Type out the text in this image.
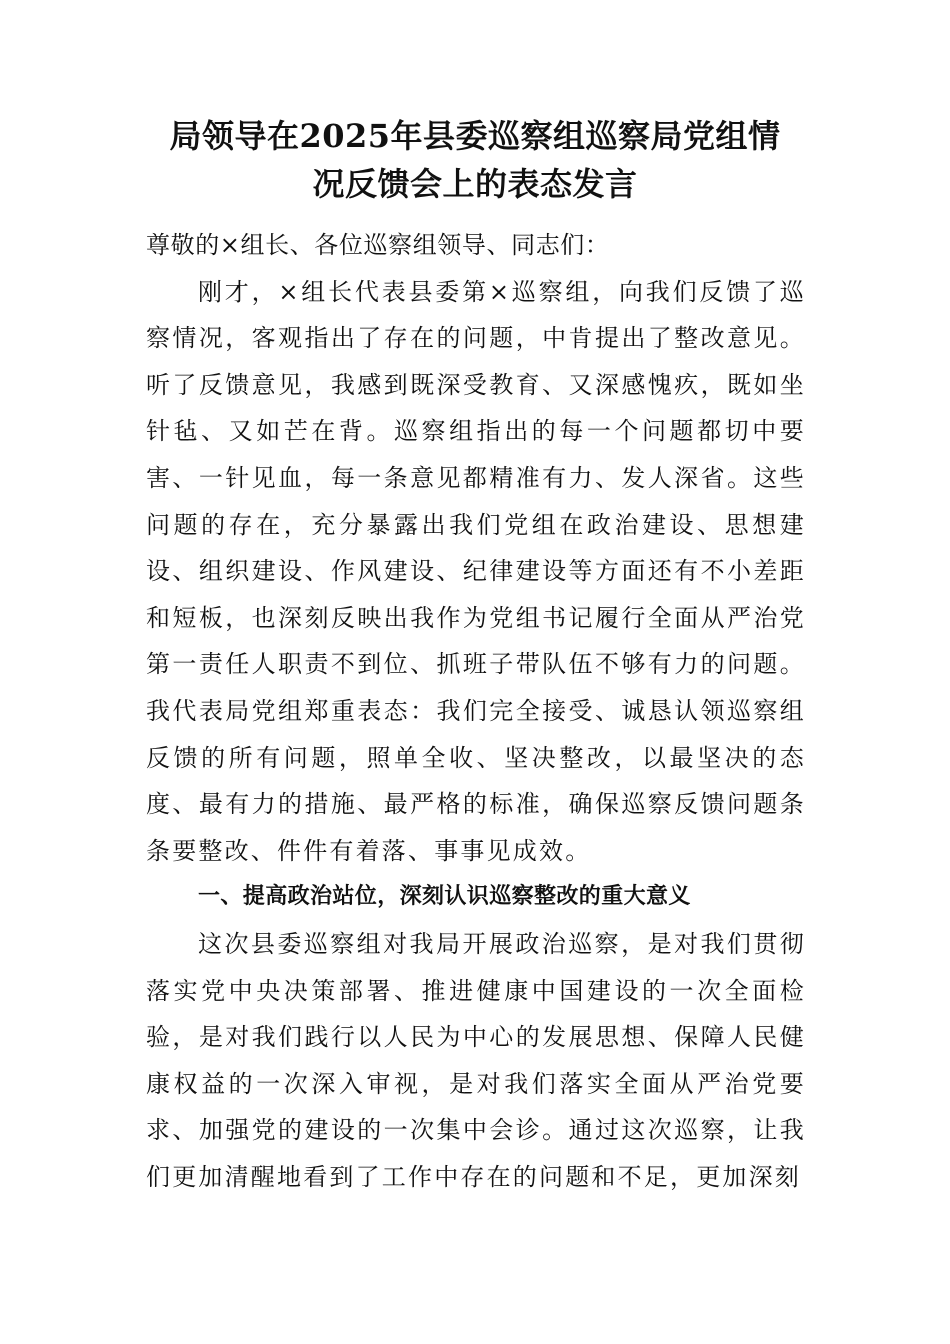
局领导在2025年县委巡察组巡察局党组情
况反馈会上的表态发言

尊敬的×组长、各位巡察组领导、同志们：

刚才，×组长代表县委第×巡察组，向我们反馈了巡察情况，客观指出了存在的问题，中肯提出了整改意见。听了反馈意见，我感到既深受教育、又深感愧疚，既如坐针毡、又如芒在背。巡察组指出的每一个问题都切中要害、一针见血，每一条意见都精准有力、发人深省。这些问题的存在，充分暴露出我们党组在政治建设、思想建设、组织建设、作风建设、纪律建设等方面还有不小差距和短板，也深刻反映出我作为党组书记履行全面从严治党第一责任人职责不到位、抓班子带队伍不够有力的问题。我代表局党组郑重表态：我们完全接受、诚恳认领巡察组反馈的所有问题，照单全收、坚决整改，以最坚决的态度、最有力的措施、最严格的标准，确保巡察反馈问题条条要整改、件件有着落、事事见成效。

一、提高政治站位，深刻认识巡察整改的重大意义

这次县委巡察组对我局开展政治巡察，是对我们贯彻落实党中央决策部署、推进健康中国建设的一次全面检验，是对我们践行以人民为中心的发展思想、保障人民健康权益的一次深入审视，是对我们落实全面从严治党要求、加强党的建设的一次集中会诊。通过这次巡察，让我们更加清醒地看到了工作中存在的问题和不足，更加深刻
